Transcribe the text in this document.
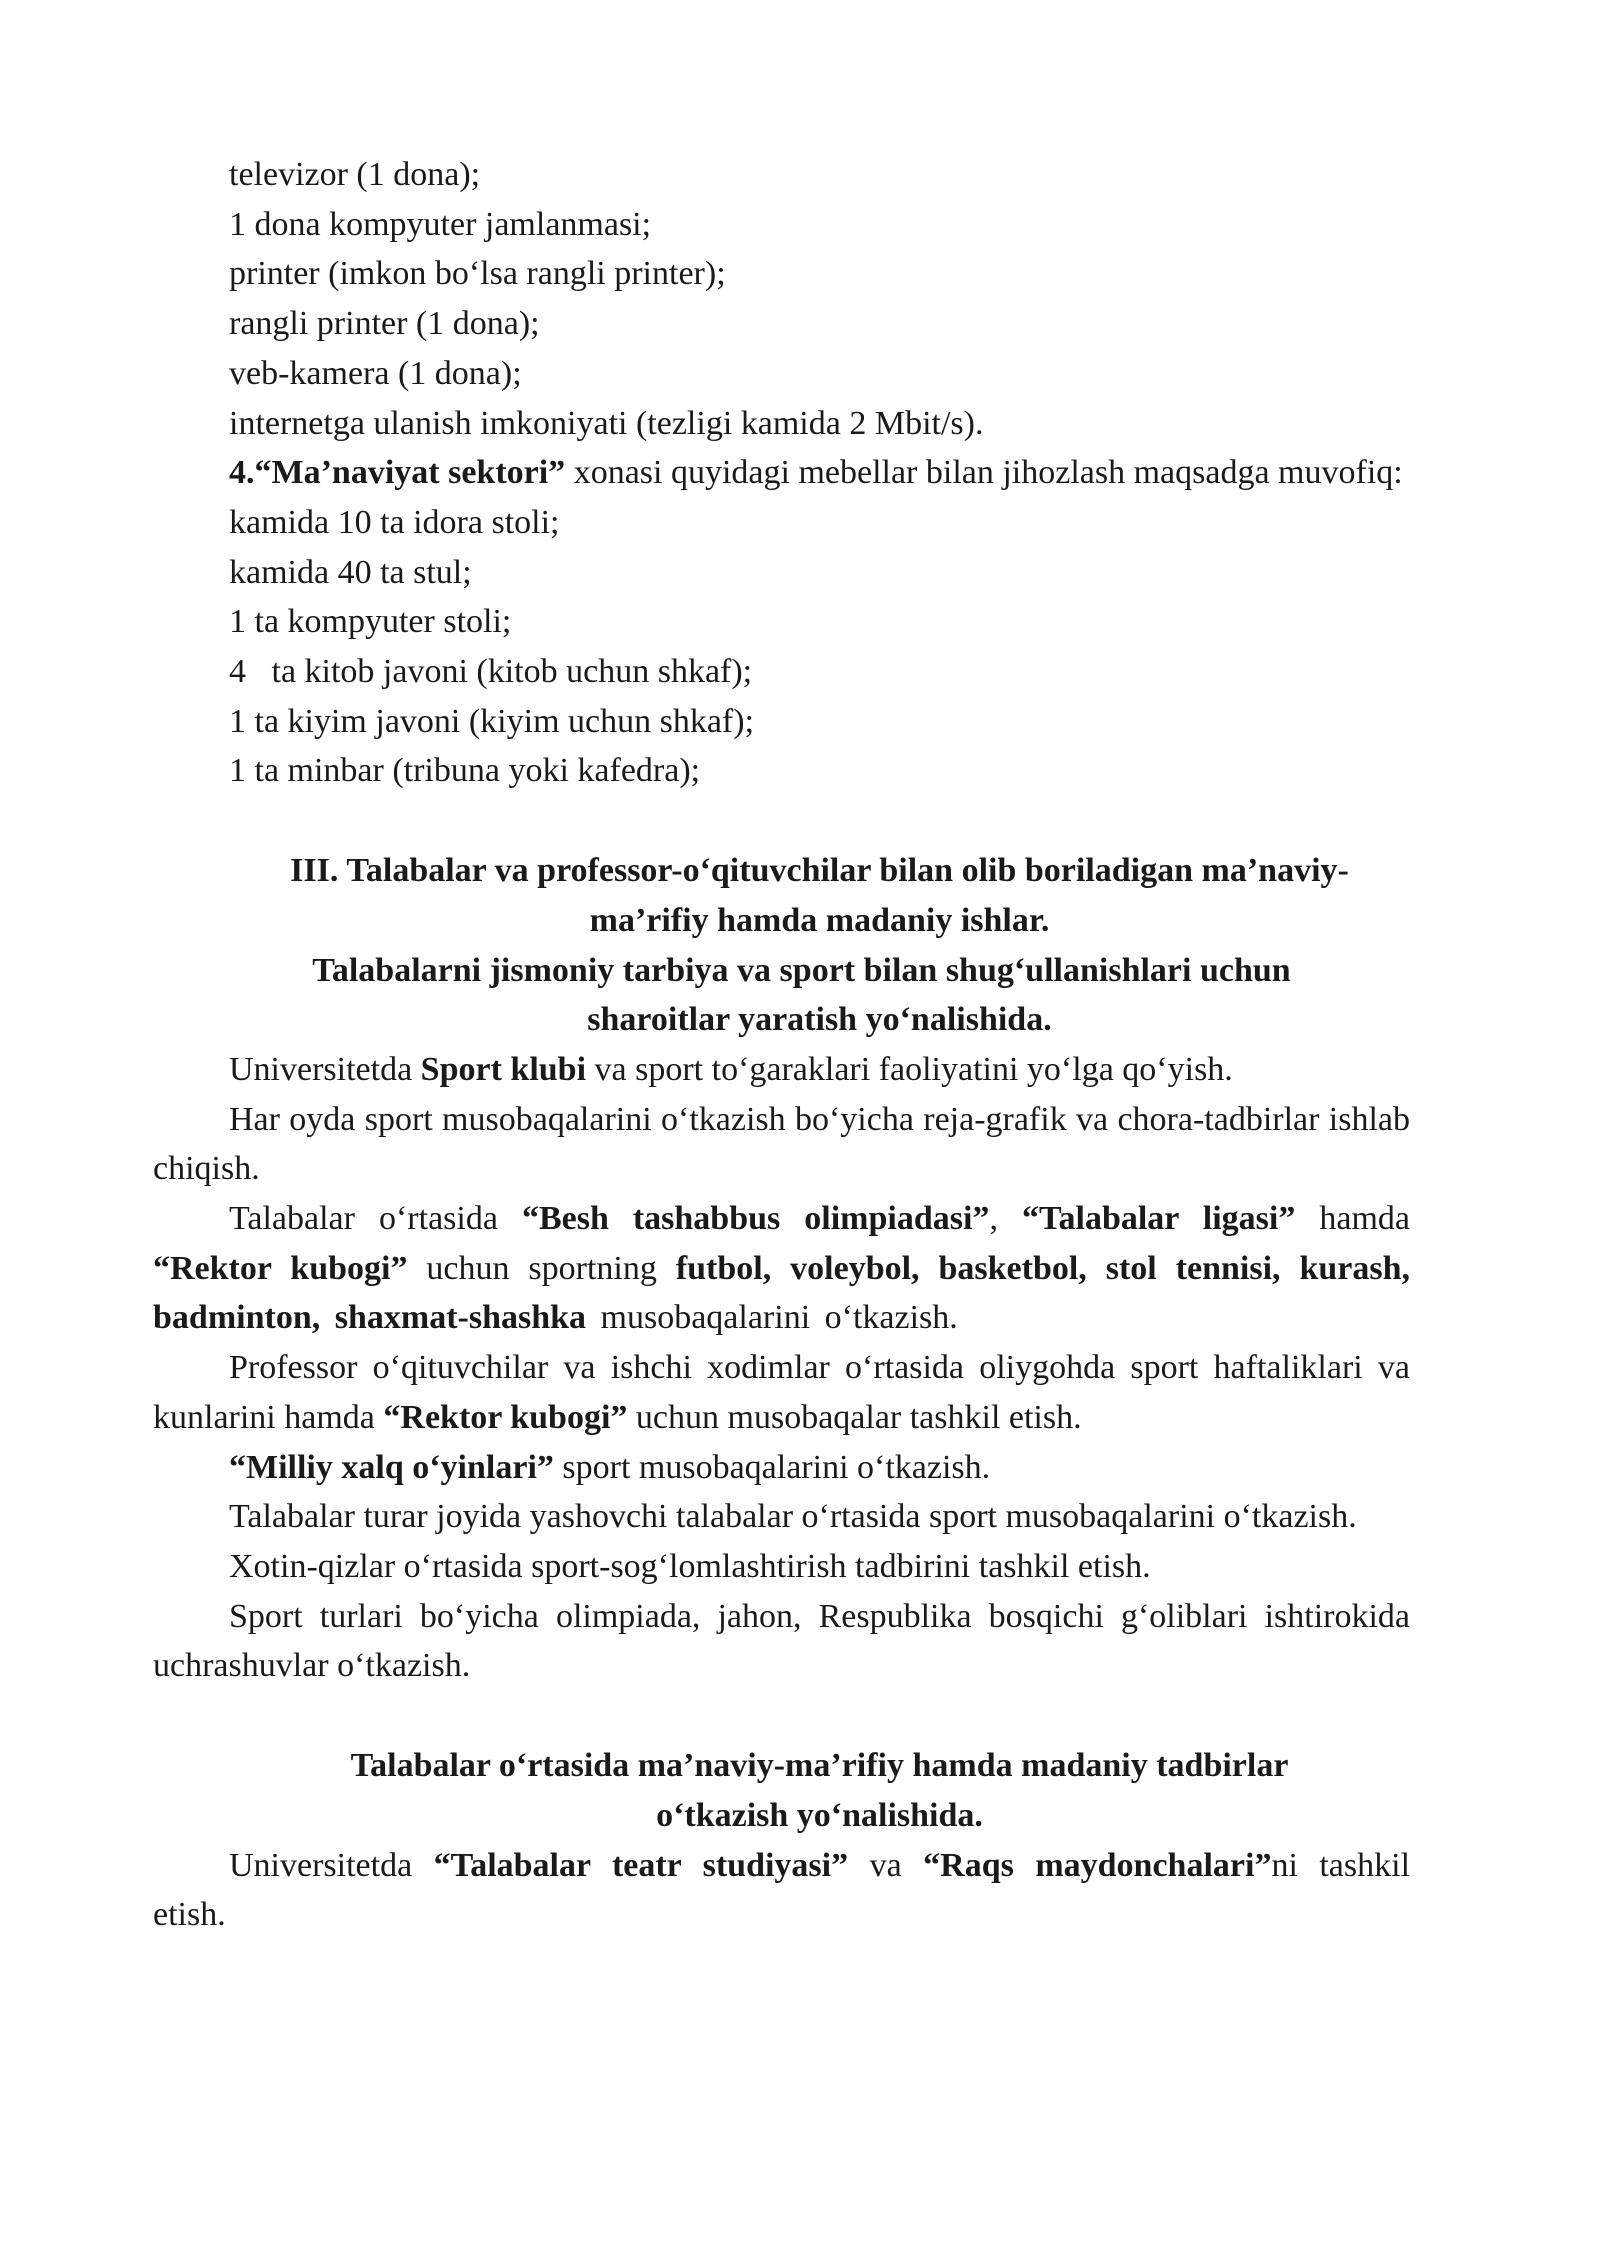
televizor (1 dona);

1 dona kompyuter jamlanmasi;

printer (imkon bo‘lsa rangli printer);

rangli printer (1 dona);

veb-kamera (1 dona);

internetga ulanish imkoniyati (tezligi kamida 2 Mbit/s).

4.“Ma’naviyat sektori” xonasi quyidagi mebellar bilan jihozlash maqsadga muvofiq:

kamida 10 ta idora stoli;

kamida 40 ta stul;

1 ta kompyuter stoli;

4   ta kitob javoni (kitob uchun shkaf);

1 ta kiyim javoni (kiyim uchun shkaf);

1 ta minbar (tribuna yoki kafedra);

III. Talabalar va professor-o‘qituvchilar bilan olib boriladigan ma’naviy-

ma’rifiy hamda madaniy ishlar.

Talabalarni jismoniy tarbiya va sport bilan shug‘ullanishlari uchun

sharoitlar yaratish yo‘nalishida.

Universitetda Sport klubi va sport to‘garaklari faoliyatini yo‘lga qo‘yish.

Har oyda sport musobaqalarini o‘tkazish bo‘yicha reja-grafik va chora-tadbirlar ishlab chiqish.

Talabalar o‘rtasida “Besh tashabbus olimpiadasi”, “Talabalar ligasi” hamda “Rektor kubogi” uchun sportning futbol, voleybol, basketbol, stol tennisi, kurash, badminton, shaxmat-shashka musobaqalarini o‘tkazish.

Professor o‘qituvchilar va ishchi xodimlar o‘rtasida oliygohda sport haftaliklari va kunlarini hamda “Rektor kubogi” uchun musobaqalar tashkil etish.

“Milliy xalq o‘yinlari” sport musobaqalarini o‘tkazish.

Talabalar turar joyida yashovchi talabalar o‘rtasida sport musobaqalarini o‘tkazish.

Xotin-qizlar o‘rtasida sport-sog‘lomlashtirish tadbirini tashkil etish.

Sport turlari bo‘yicha olimpiada, jahon, Respublika bosqichi g‘oliblari ishtirokida uchrashuvlar o‘tkazish.

Talabalar o‘rtasida ma’naviy-ma’rifiy hamda madaniy tadbirlar

o‘tkazish yo‘nalishida.

Universitetda “Talabalar teatr studiyasi” va “Raqs maydonchalari”ni tashkil etish.
